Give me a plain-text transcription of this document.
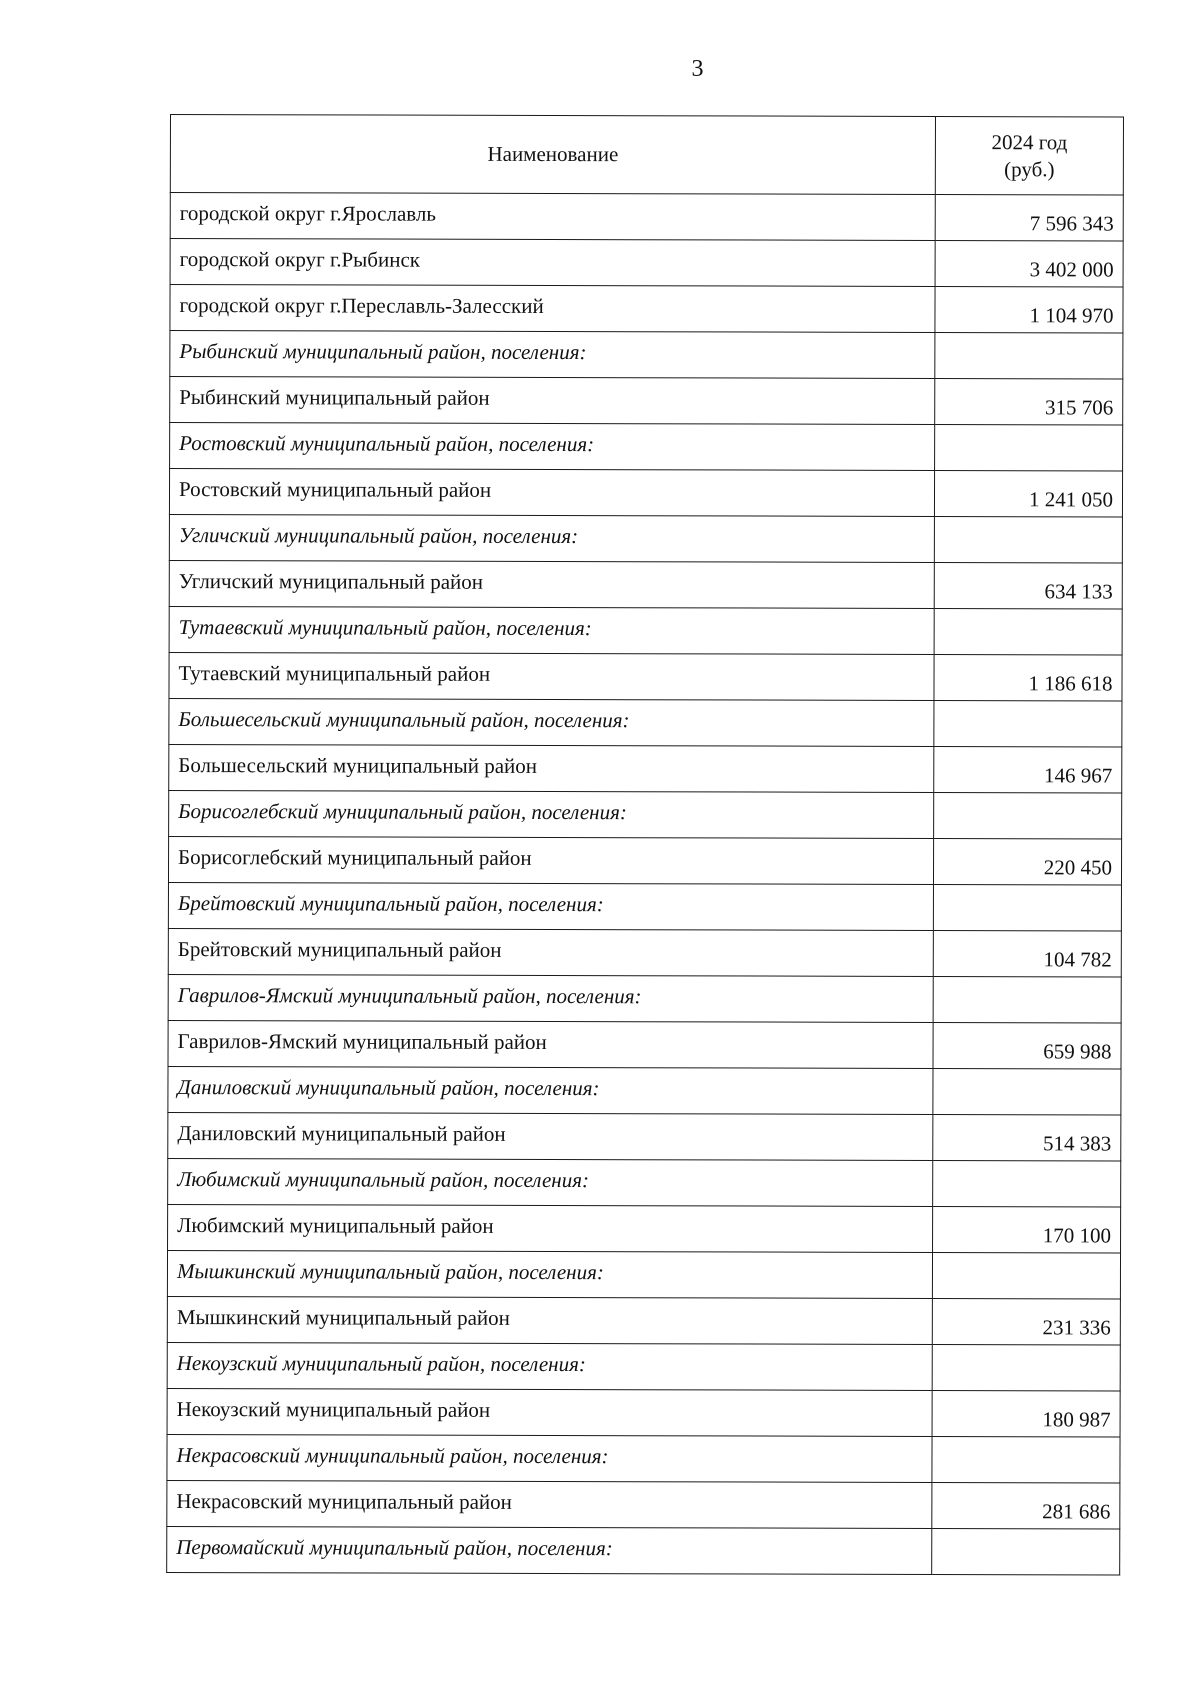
3
Наименование	2024 год
(руб.)

городской округ г.Ярославль	7 596 343
городской округ г.Рыбинск	3 402 000
городской округ г.Переславль-Залесский	1 104 970
Рыбинский муниципальный район, поселения:	
Рыбинский муниципальный район	315 706
Ростовский муниципальный район, поселения:	
Ростовский муниципальный район	1 241 050
Угличский муниципальный район, поселения:	
Угличский муниципальный район	634 133
Тутаевский муниципальный район, поселения:	
Тутаевский муниципальный район	1 186 618
Большесельский муниципальный район, поселения:	
Большесельский муниципальный район	146 967
Борисоглебский муниципальный район, поселения:	
Борисоглебский муниципальный район	220 450
Брейтовский муниципальный район, поселения:	
Брейтовский муниципальный район	104 782
Гаврилов-Ямский муниципальный район, поселения:	
Гаврилов-Ямский муниципальный район	659 988
Даниловский муниципальный район, поселения:	
Даниловский муниципальный район	514 383
Любимский муниципальный район, поселения:	
Любимский муниципальный район	170 100
Мышкинский муниципальный район, поселения:	
Мышкинский муниципальный район	231 336
Некоузский муниципальный район, поселения:	
Некоузский муниципальный район	180 987
Некрасовский муниципальный район, поселения:	
Некрасовский муниципальный район	281 686
Первомайский муниципальный район, поселения:	
